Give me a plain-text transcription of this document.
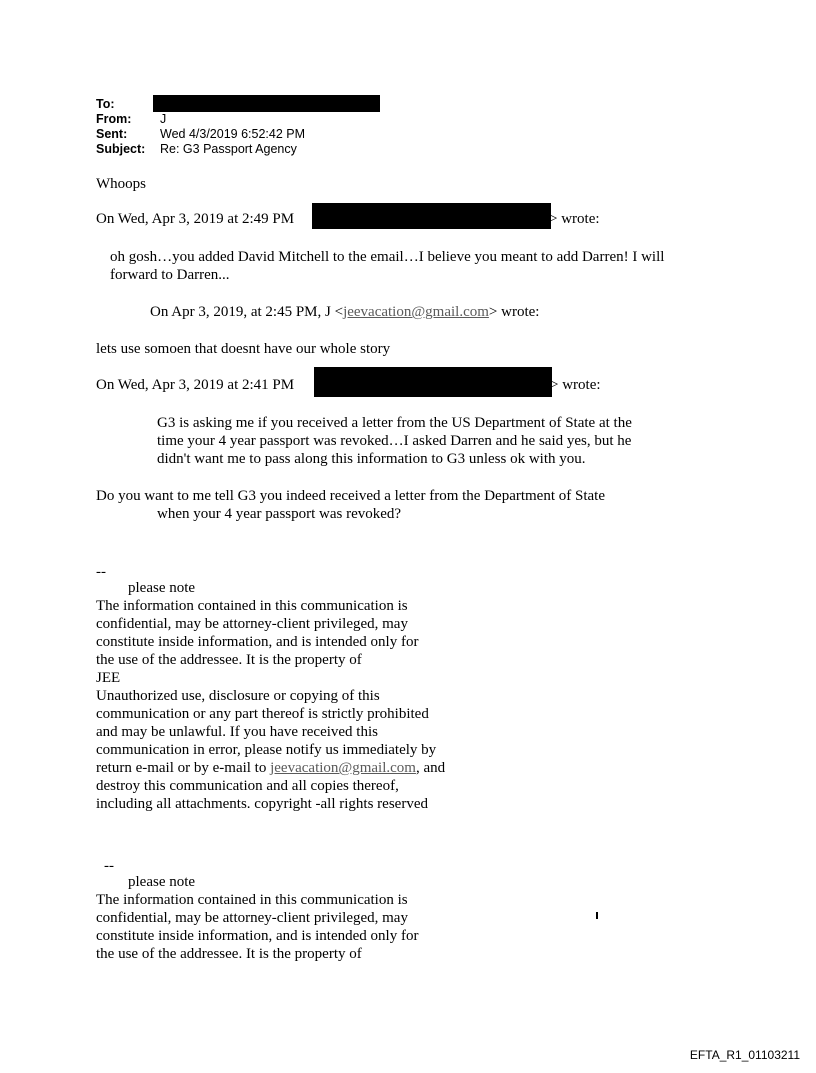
To:
From: J
Sent:	Wed 4/3/2019 6:52:42 PM
Subject: Re: G3 Passport Agency
Whoops
On Wed, Apr 3, 2019 at 2:49 PM	> wrote:
oh gosh…you added David Mitchell to the email…I believe you meant to add Darren! I will
forward to Darren...
On Apr 3, 2019, at 2:45 PM, J <jeevacation@gmail.com> wrote:
lets use somoen that doesnt have our whole story
On Wed, Apr 3, 2019 at 2:41 PM	> wrote:
G3 is asking me if you received a letter from the US Department of State at the
time your 4 year passport was revoked…I asked Darren and he said yes, but he
didn't want me to pass along this information to G3 unless ok with you.
Do you want to me tell G3 you indeed received a letter from the Department of State
when your 4 year passport was revoked?
--
please note
The information contained in this communication is
confidential, may be attorney-client privileged, may
constitute inside information, and is intended only for
the use of the addressee. It is the property of
JEE
Unauthorized use, disclosure or copying of this
communication or any part thereof is strictly prohibited
and may be unlawful. If you have received this
communication in error, please notify us immediately by
return e-mail or by e-mail to jeevacation@gmail.com, and
destroy this communication and all copies thereof,
including all attachments. copyright -all rights reserved
--
please note
The information contained in this communication is
confidential, may be attorney-client privileged, may
constitute inside information, and is intended only for
the use of the addressee. It is the property of
EFTA_R1_01103211
